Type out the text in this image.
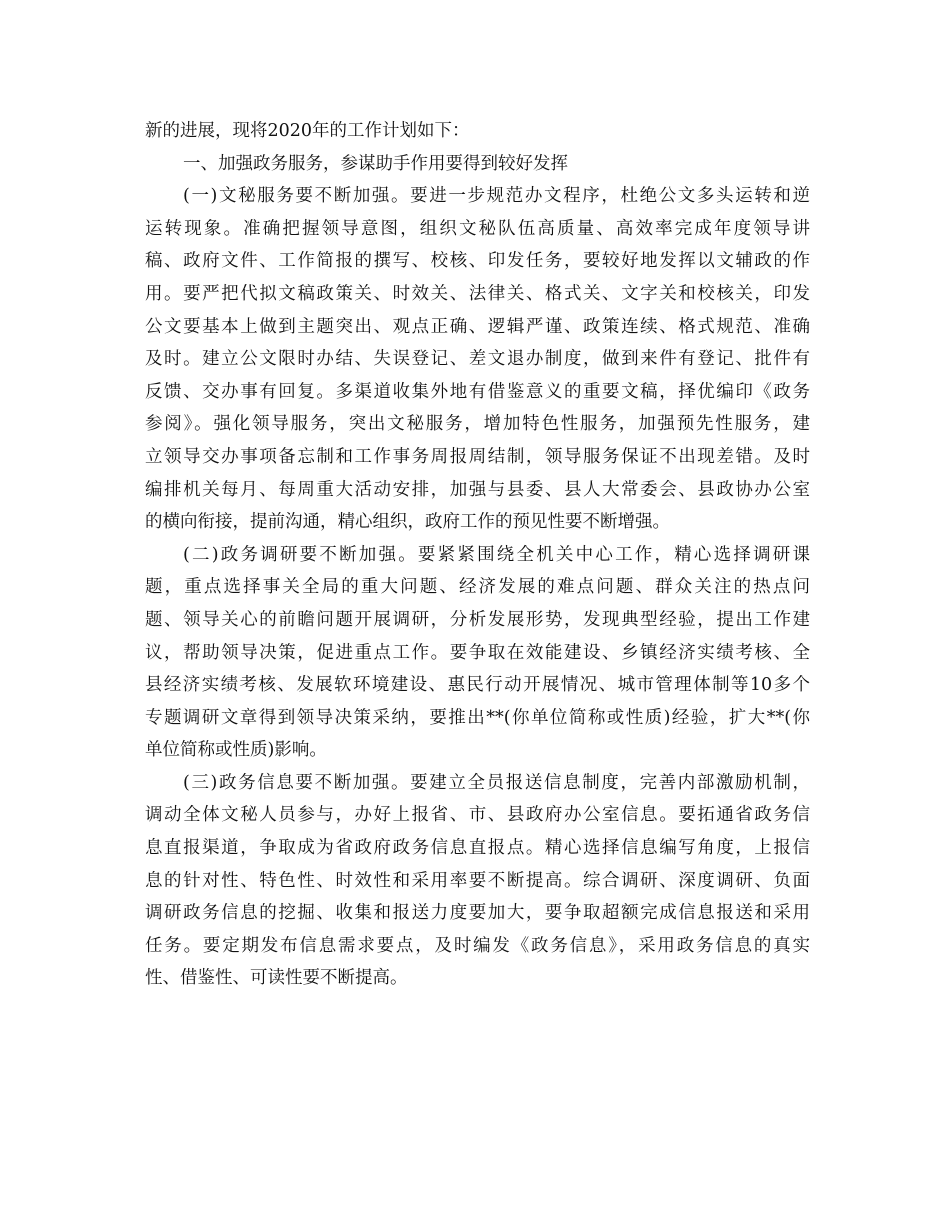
新的进展，现将2020年的工作计划如下：
一、加强政务服务，参谋助手作用要得到较好发挥
(一)文秘服务要不断加强。要进一步规范办文程序，杜绝公文多头运转和逆
运转现象。准确把握领导意图，组织文秘队伍高质量、高效率完成年度领导讲
稿、政府文件、工作简报的撰写、校核、印发任务，要较好地发挥以文辅政的作
用。要严把代拟文稿政策关、时效关、法律关、格式关、文字关和校核关，印发
公文要基本上做到主题突出、观点正确、逻辑严谨、政策连续、格式规范、准确
及时。建立公文限时办结、失误登记、差文退办制度，做到来件有登记、批件有
反馈、交办事有回复。多渠道收集外地有借鉴意义的重要文稿，择优编印《政务
参阅》。强化领导服务，突出文秘服务，增加特色性服务，加强预先性服务，建
立领导交办事项备忘制和工作事务周报周结制，领导服务保证不出现差错。及时
编排机关每月、每周重大活动安排，加强与县委、县人大常委会、县政协办公室
的横向衔接，提前沟通，精心组织，政府工作的预见性要不断增强。
(二)政务调研要不断加强。要紧紧围绕全机关中心工作，精心选择调研课
题，重点选择事关全局的重大问题、经济发展的难点问题、群众关注的热点问
题、领导关心的前瞻问题开展调研，分析发展形势，发现典型经验，提出工作建
议，帮助领导决策，促进重点工作。要争取在效能建设、乡镇经济实绩考核、全
县经济实绩考核、发展软环境建设、惠民行动开展情况、城市管理体制等10多个
专题调研文章得到领导决策采纳，要推出**(你单位简称或性质)经验，扩大**(你
单位简称或性质)影响。
(三)政务信息要不断加强。要建立全员报送信息制度，完善内部激励机制，
调动全体文秘人员参与，办好上报省、市、县政府办公室信息。要拓通省政务信
息直报渠道，争取成为省政府政务信息直报点。精心选择信息编写角度，上报信
息的针对性、特色性、时效性和采用率要不断提高。综合调研、深度调研、负面
调研政务信息的挖掘、收集和报送力度要加大，要争取超额完成信息报送和采用
任务。要定期发布信息需求要点，及时编发《政务信息》，采用政务信息的真实
性、借鉴性、可读性要不断提高。
